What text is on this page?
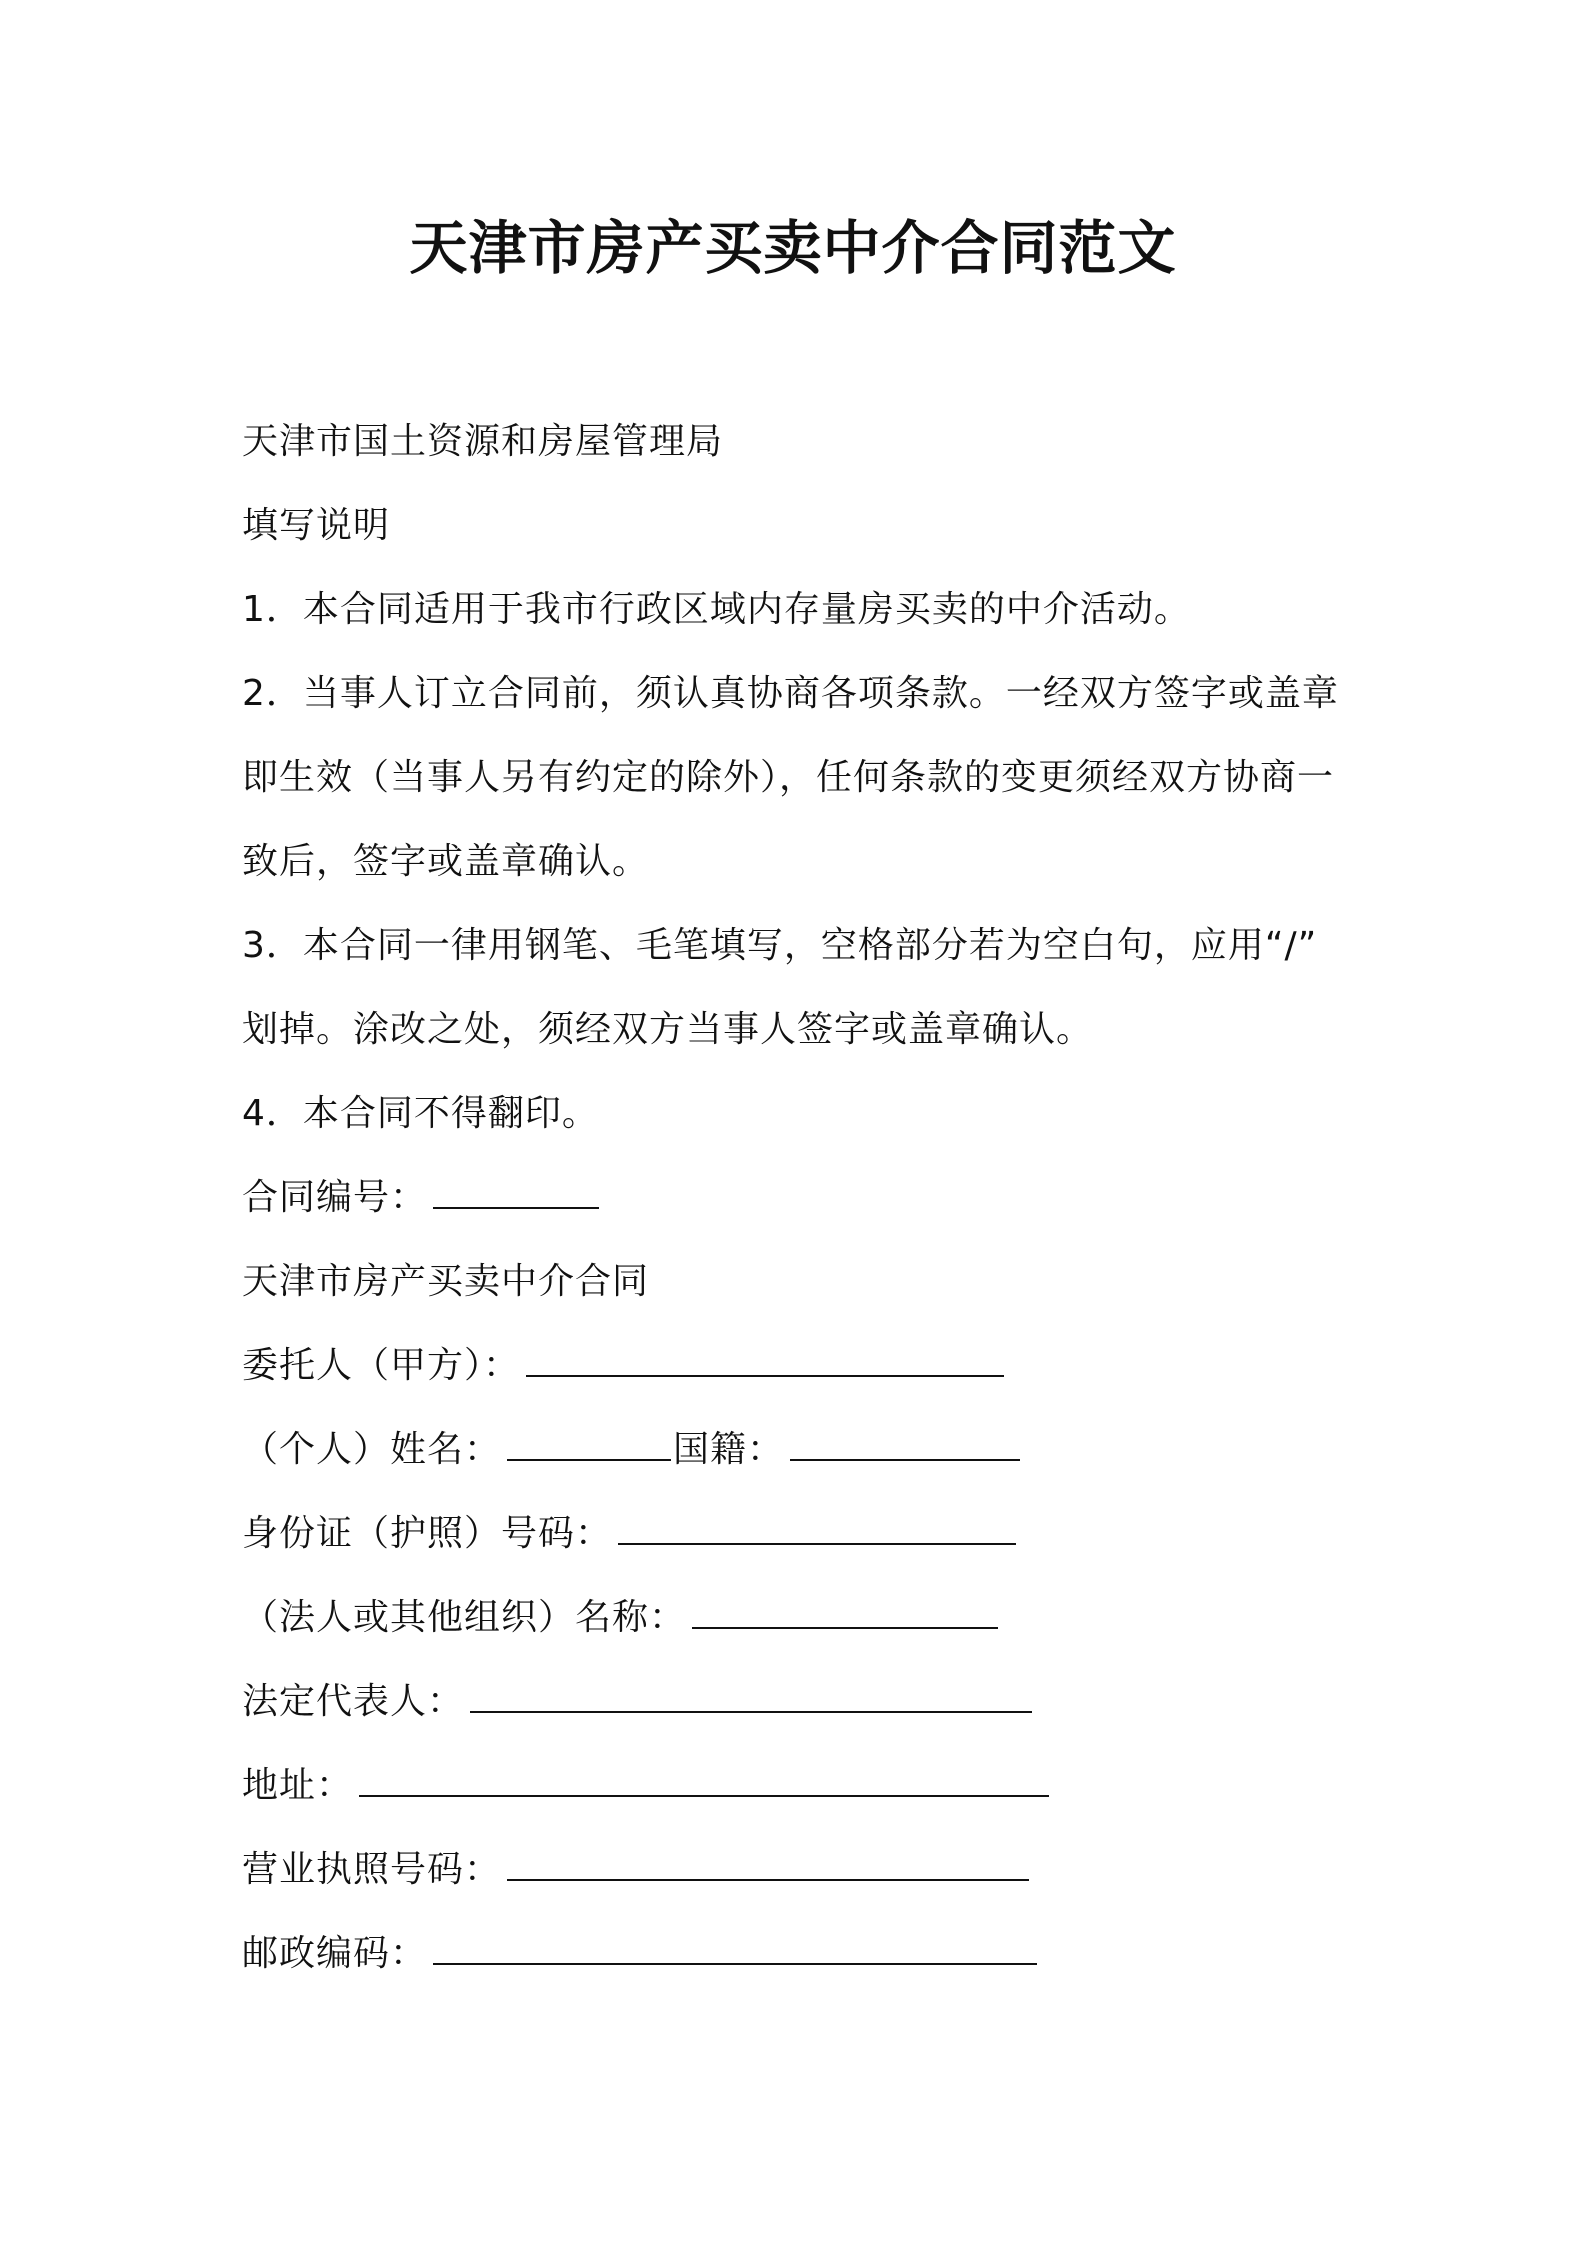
天津市房产买卖中介合同范文

天津市国土资源和房屋管理局

填写说明

1．本合同适用于我市行政区域内存量房买卖的中介活动。

2．当事人订立合同前，须认真协商各项条款。一经双方签字或盖章

即生效（当事人另有约定的除外），任何条款的变更须经双方协商一

致后，签字或盖章确认。

3．本合同一律用钢笔、毛笔填写，空格部分若为空白句，应用“/”

划掉。涂改之处，须经双方当事人签字或盖章确认。

4．本合同不得翻印。

合同编号：

天津市房产买卖中介合同

委托人（甲方）：

（个人）姓名：	国籍：

身份证（护照）号码：

（法人或其他组织）名称：

法定代表人：

地址：

营业执照号码：

邮政编码：
